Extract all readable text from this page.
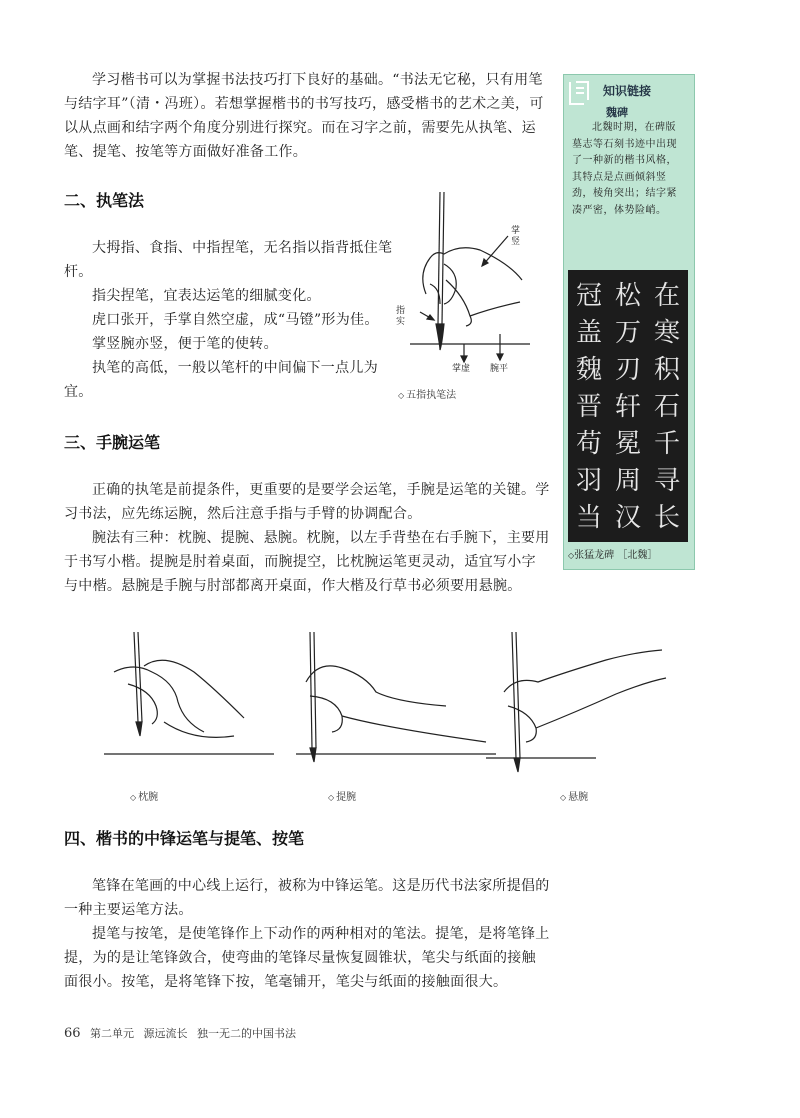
学习楷书可以为掌握书法技巧打下良好的基础。“书法无它秘，只有用笔与结字耳”（清・冯班）。若想掌握楷书的书写技巧，感受楷书的艺术之美，可以从点画和结字两个角度分别进行探究。而在习字之前，需要先从执笔、运笔、提笔、按笔等方面做好准备工作。

二、执笔法

大拇指、食指、中指捏笔，无名指以指背抵住笔杆。

指尖捏笔，宜表达运笔的细腻变化。

虎口张开，手掌自然空虚，成“马镫”形为佳。

掌竖腕亦竖，便于笔的使转。

执笔的高低，一般以笔杆的中间偏下一点儿为宜。

掌竖
指实
掌虚 腕平
◇ 五指执笔法
三、手腕运笔

正确的执笔是前提条件，更重要的是要学会运笔，手腕是运笔的关键。学习书法，应先练运腕，然后注意手指与手臂的协调配合。

腕法有三种：枕腕、提腕、悬腕。枕腕，以左手背垫在右手腕下，主要用于书写小楷。提腕是肘着桌面，而腕提空，比枕腕运笔更灵动，适宜写小字与中楷。悬腕是手腕与肘部都离开桌面，作大楷及行草书必须要用悬腕。

知识链接
魏碑

北魏时期，在碑版墓志等石刻书迹中出现了一种新的楷书风格，其特点是点画倾斜竖劲，棱角突出；结字紧凑严密，体势险峭。

冠
盖
魏
晋
苟
羽
当
松
万
刃
轩
冕
周
汉
在
寒
积
石
千
寻
长
◇张猛龙碑 ［北魏］
◇ 枕腕	◇ 提腕	◇ 悬腕
四、楷书的中锋运笔与提笔、按笔

笔锋在笔画的中心线上运行，被称为中锋运笔。这是历代书法家所提倡的一种主要运笔方法。

提笔与按笔，是使笔锋作上下动作的两种相对的笔法。提笔，是将笔锋上提，为的是让笔锋敛合，使弯曲的笔锋尽量恢复圆锥状，笔尖与纸面的接触面很小。按笔，是将笔锋下按，笔毫铺开，笔尖与纸面的接触面很大。

66 第二单元 源远流长 独一无二的中国书法
